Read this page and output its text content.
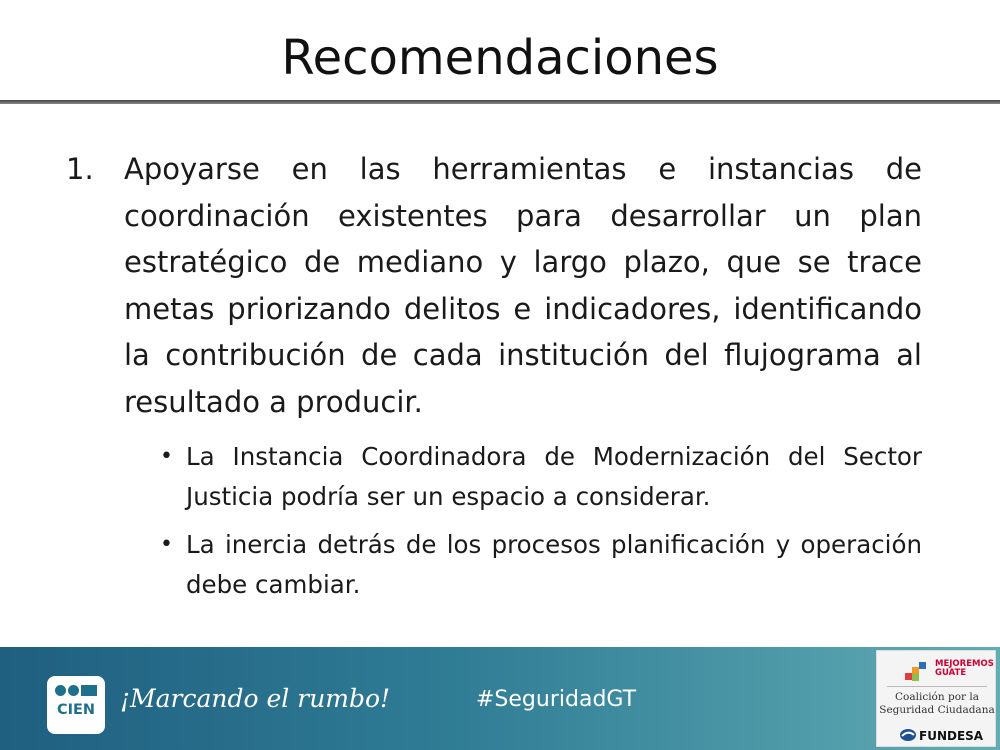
Recomendaciones
1. Apoyarse en las herramientas e instancias de coordinación existentes para desarrollar un plan estratégico de mediano y largo plazo, que se trace metas priorizando delitos e indicadores, identificando la contribución de cada institución del flujograma al resultado a producir.
• La Instancia Coordinadora de Modernización del Sector Justicia podría ser un espacio a considerar.
• La inercia detrás de los procesos planificación y operación debe cambiar.
CIEN ¡Marcando el rumbo!	#SeguridadGT
MEJOREMOS
GUATE
Coalición por la
Seguridad Ciudadana
FUNDESA
